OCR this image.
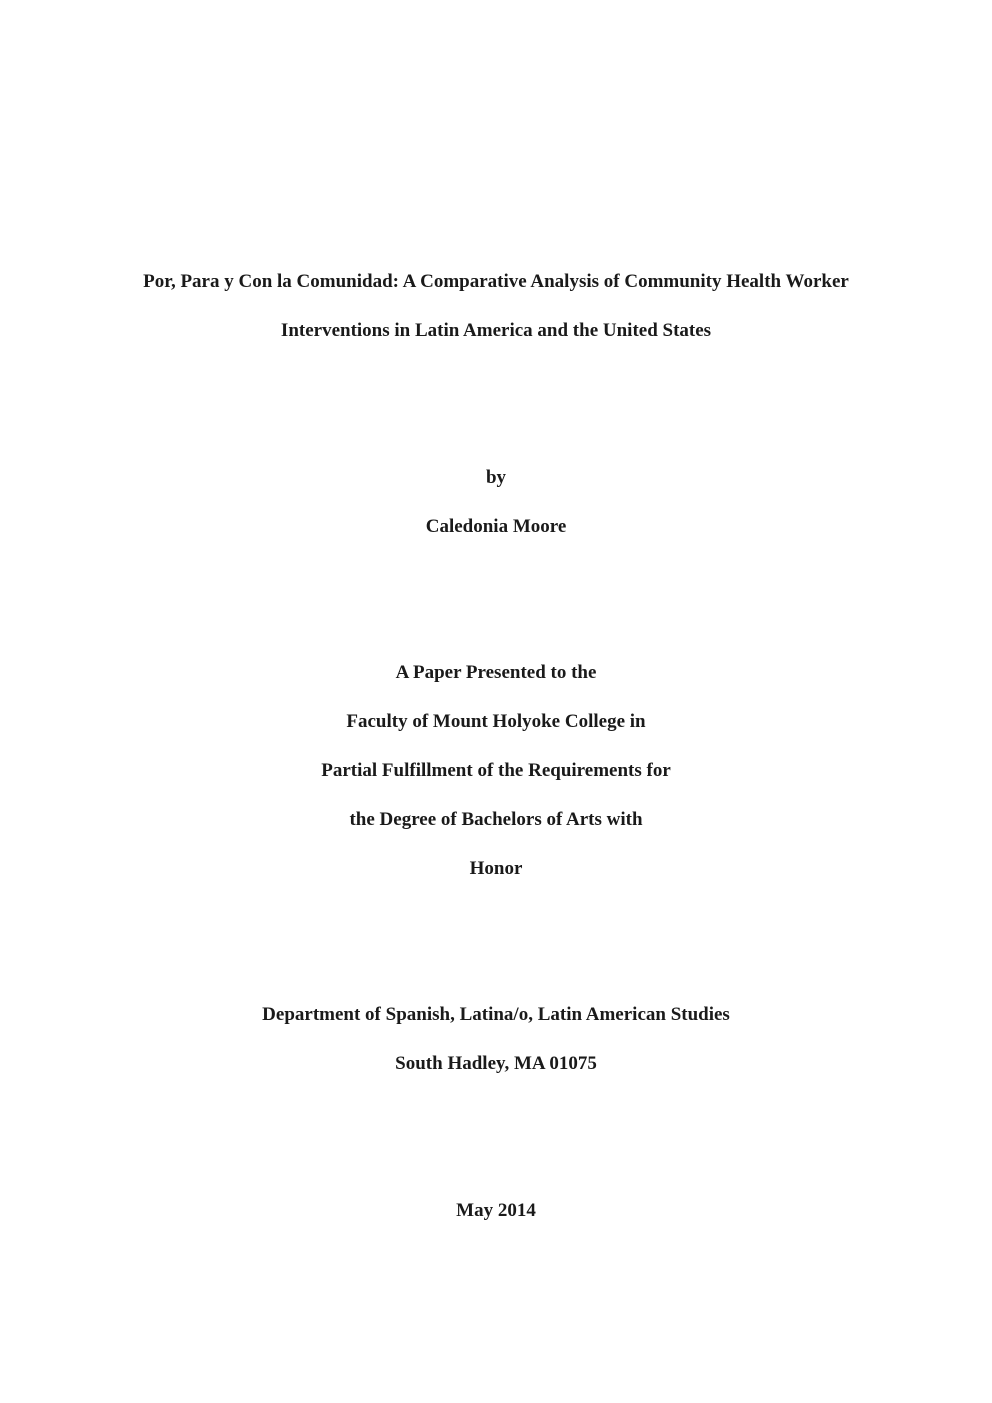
Por, Para y Con la Comunidad: A Comparative Analysis of Community Health Worker
Interventions in Latin America and the United States
by
Caledonia Moore
A Paper Presented to the
Faculty of Mount Holyoke College in
Partial Fulfillment of the Requirements for
the Degree of Bachelors of Arts with
Honor
Department of Spanish, Latina/o, Latin American Studies
South Hadley, MA 01075
May 2014
